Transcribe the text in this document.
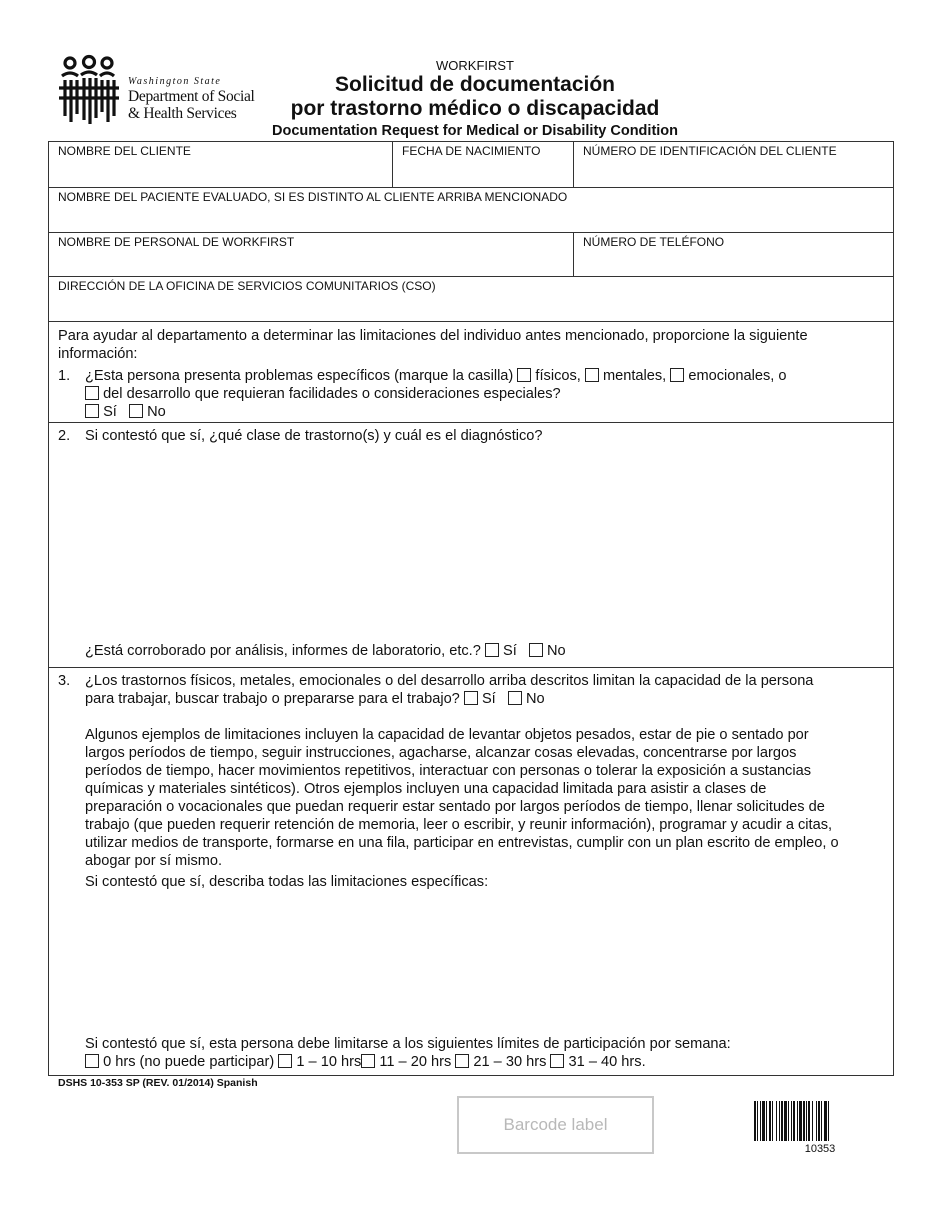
Washington State
Department of Social
& Health Services
WORKFIRST
Solicitud de documentación
por trastorno médico o discapacidad
Documentation Request for Medical or Disability Condition
NOMBRE DEL CLIENTE	FECHA DE NACIMIENTO	NÚMERO DE IDENTIFICACIÓN DEL CLIENTE
NOMBRE DEL PACIENTE EVALUADO, SI ES DISTINTO AL CLIENTE ARRIBA MENCIONADO
NOMBRE DE PERSONAL DE WORKFIRST	NÚMERO DE TELÉFONO
DIRECCIÓN DE LA OFICINA DE SERVICIOS COMUNITARIOS (CSO)
Para ayudar al departamento a determinar las limitaciones del individuo antes mencionado, proporcione la siguiente
información:
1. ¿Esta persona presenta problemas específicos (marque la casilla) físicos, mentales, emocionales, o
del desarrollo que requieran facilidades o consideraciones especiales?
Sí No
2. Si contestó que sí, ¿qué clase de trastorno(s) y cuál es el diagnóstico?
¿Está corroborado por análisis, informes de laboratorio, etc.? Sí No
3. ¿Los trastornos físicos, metales, emocionales o del desarrollo arriba descritos limitan la capacidad de la persona
para trabajar, buscar trabajo o prepararse para el trabajo? Sí No
Algunos ejemplos de limitaciones incluyen la capacidad de levantar objetos pesados, estar de pie o sentado por
largos períodos de tiempo, seguir instrucciones, agacharse, alcanzar cosas elevadas, concentrarse por largos
períodos de tiempo, hacer movimientos repetitivos, interactuar con personas o tolerar la exposición a sustancias
químicas y materiales sintéticos). Otros ejemplos incluyen una capacidad limitada para asistir a clases de
preparación o vocacionales que puedan requerir estar sentado por largos períodos de tiempo, llenar solicitudes de
trabajo (que pueden requerir retención de memoria, leer o escribir, y reunir información), programar y acudir a citas,
utilizar medios de transporte, formarse en una fila, participar en entrevistas, cumplir con un plan escrito de empleo, o
abogar por sí mismo.
Si contestó que sí, describa todas las limitaciones específicas:
Si contestó que sí, esta persona debe limitarse a los siguientes límites de participación por semana:
0 hrs (no puede participar) 1 – 10 hrs 11 – 20 hrs 21 – 30 hrs 31 – 40 hrs.
DSHS 10-353 SP (REV. 01/2014) Spanish
Barcode label
10353
